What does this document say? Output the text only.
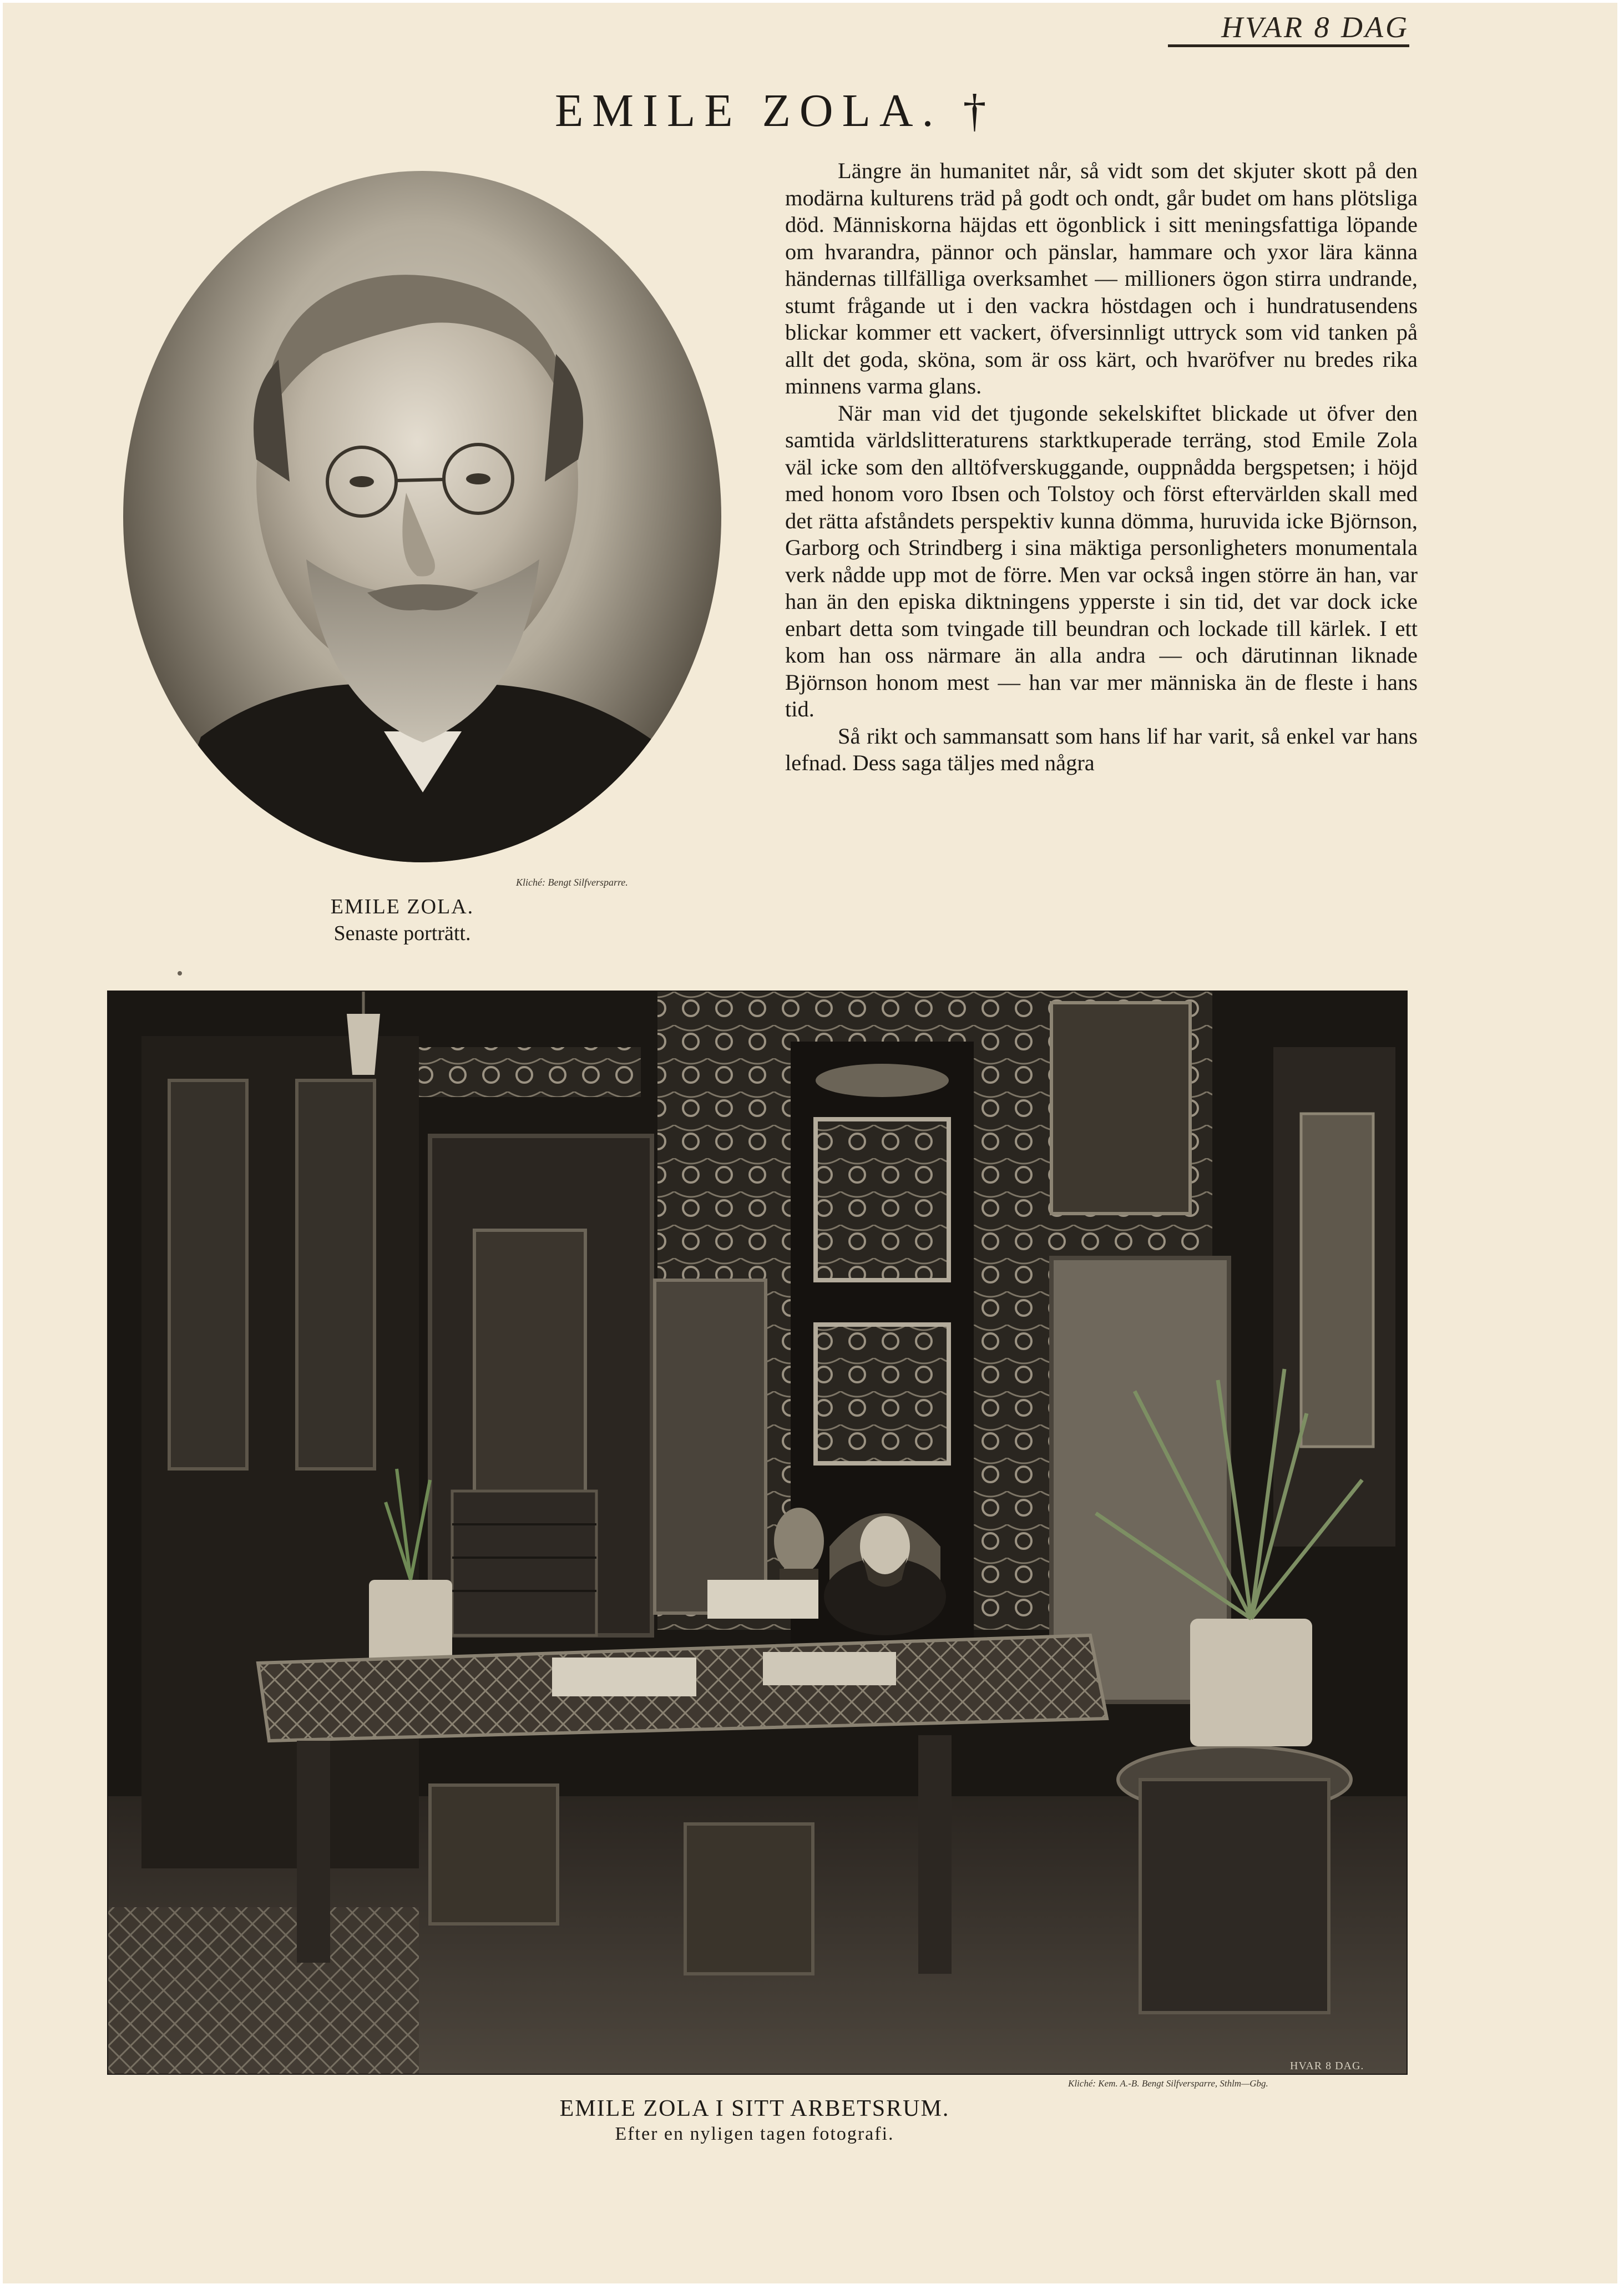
HVAR 8 DAG
EMILE ZOLA. †
Kliché: Bengt Silfversparre.
EMILE ZOLA.
Senaste porträtt.

Längre än humanitet når, så vidt som det skjuter skott på den modärna kulturens träd på godt och ondt, går budet om hans plötsliga död. Människorna häjdas ett ögonblick i sitt meningsfattiga löpande om hvarandra, pännor och pänslar, hammare och yxor lära känna händernas tillfälliga overksamhet — millioners ögon stirra undrande, stumt frågande ut i den vackra höstdagen och i hundratusendens blickar kommer ett vackert, öfversinnligt uttryck som vid tanken på allt det goda, sköna, som är oss kärt, och hvaröfver nu bredes rika minnens varma glans.

När man vid det tjugonde sekelskiftet blickade ut öfver den samtida världslitteraturens starktkuperade terräng, stod Emile Zola väl icke som den alltöfverskuggande, ouppnådda bergspetsen; i höjd med honom voro Ibsen och Tolstoy och först eftervärlden skall med det rätta afståndets perspektiv kunna dömma, huruvida icke Björnson, Garborg och Strindberg i sina mäktiga personligheters monumentala verk nådde upp mot de förre. Men var också ingen större än han, var han än den episka diktningens ypperste i sin tid, det var dock icke enbart detta som tvingade till beundran och lockade till kärlek. I ett kom han oss närmare än alla andra — och därutinnan liknade Björnson honom mest — han var mer människa än de fleste i hans tid.

Så rikt och sammansatt som hans lif har varit, så enkel var hans lefnad. Dess saga täljes med några

Kliché: Kem. A.-B. Bengt Silfversparre, Sthlm—Gbg.
EMILE ZOLA I SITT ARBETSRUM.
Efter en nyligen tagen fotografi.
HVAR 8 DAG.
